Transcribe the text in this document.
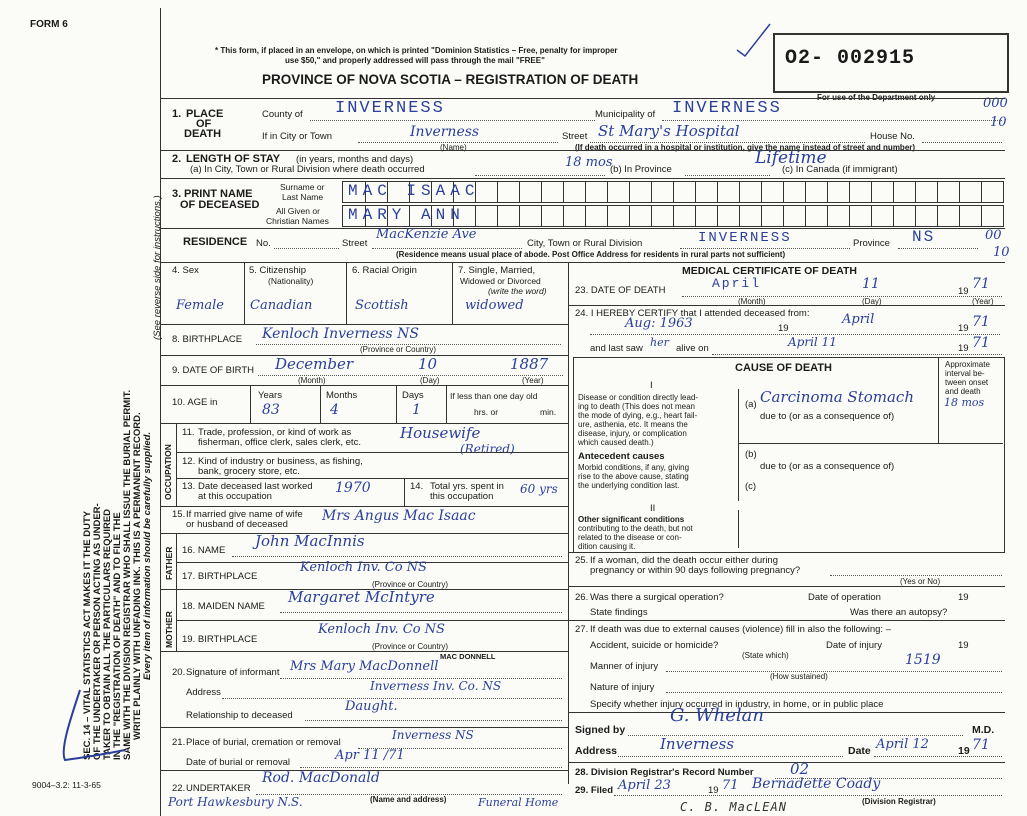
FORM 6
SEC. 14 – VITAL STATISTICS ACT MAKES IT THE DUTY OF THE UNDERTAKER OR PERSON ACTING AS UNDER- TAKER TO OBTAIN ALL THE PARTICULARS REQUIRED IN THE "REGISTRATION OF DEATH" AND TO FILE THE SAME WITH THE DIVISION REGISTRAR WHO SHALL ISSUE THE BURIAL PERMIT. WRITE PLAINLY WITH UNFADING INK. THIS IS A PERMANENT RECORD. Every item of information should be carefully supplied.
(See reverse side for instructions.)
9004–3.2: 11-3-65
* This form, if placed in an envelope, on which is printed "Dominion Statistics – Free, penalty for improper
use $50," and properly addressed will pass through the mail "FREE"
PROVINCE OF NOVA SCOTIA – REGISTRATION OF DEATH
O2- 002915
For use of the Department only	000
10
00
10
1. PLACE
OF
DEATH
County of INVERNESS	Municipality of INVERNESS
If in City or Town	Inverness
(Name)
Street St Mary's Hospital	House No.
(If death occurred in a hospital or institution, give the name instead of street and number)
2. LENGTH OF STAY (in years, months and days)
(a) In City, Town or Rural Division where death occurred	18 mos
(b) In Province	(c) In Canada (if immigrant)
Lifetime
3. PRINT NAME
OF DECEASED
Surname or
Last Name
All Given or
Christian Names
MAC ISAAC
MARY ANN
RESIDENCE No.	Street
MacKenzie Ave
City, Town or Rural Division	INVERNESS	Province NS
(Residence means usual place of abode. Post Office Address for residents in rural parts not sufficient)
4. Sex
Female
5. Citizenship
(Nationality)
Canadian
6. Racial Origin
Scottish
7. Single, Married,
Widowed or Divorced
(write the word)
widowed
8. BIRTHPLACE Kenloch Inverness NS
(Province or Country)
9. DATE OF BIRTH December	10	1887
(Month)	(Day)	(Year)
10. AGE in
Years
83
Months
4
Days
1
If less than one day old
hrs. or	min.
OCCUPATION
11. Trade, profession, or kind of work as
fisherman, office clerk, sales clerk, etc.
Housewife
(Retired)
12. Kind of industry or business, as fishing,
bank, grocery store, etc.
13. Date deceased last worked
at this occupation
1970	14. Total yrs. spent in
this occupation
60 yrs
15. If married give name of wife
or husband of deceased
Mrs Angus Mac Isaac
FATHER 16. NAME
John MacInnis
17. BIRTHPLACE
Kenloch Inv. Co NS
(Province or Country)
MOTHER
18. MAIDEN NAME
Margaret McIntyre
19. BIRTHPLACE
Kenloch Inv. Co NS
(Province or Country)
MAC DONNELL
20. Signature of informant Mrs Mary MacDonnell
Address	Inverness Inv. Co. NS
Relationship to deceased
Daught.
21. Place of burial, cremation or removal
Inverness NS
Date of burial or removal	Apr 11 /71
22. UNDERTAKER
Rod. MacDonald
(Name and address)
Port Hawkesbury N.S.	Funeral Home
MEDICAL CERTIFICATE OF DEATH
23. DATE OF DEATH	April	11	19 71
(Month)	(Day)	(Year)
24. I HEREBY CERTIFY that I attended deceased from:
Aug: 1963	19
April
19 71
and last saw her alive on	April 11	19 71
CAUSE OF DEATH	Approximate
interval be-
tween onset
and death
I
Disease or condition directly lead-
ing to death (This does not mean
the mode of dying, e.g., heart fail-
ure, asthenia, etc. It means the
disease, injury, or complication
which caused death.)
(a) Carcinoma Stomach	18 mos
due to (or as a consequence of)
Antecedent causes
Morbid conditions, if any, giving
rise to the above cause, stating
the underlying condition last.
(b)
due to (or as a consequence of)
(c)
II
Other significant conditions
contributing to the death, but not
related to the disease or con-
dition causing it.
25. If a woman, did the death occur either during
pregnancy or within 90 days following pregnancy?
(Yes or No)
26. Was there a surgical operation?	Date of operation	19
State findings	Was there an autopsy?
27. If death was due to external causes (violence) fill in also the following: –
Accident, suicide or homicide?	Date of injury	19
(State which)
Manner of injury	1519
(How sustained)
Nature of injury
Specify whether injury occurred in industry, in home, or in public place
Signed by
G. Whelan
M.D.
Address	Inverness	Date April 12	19 71
28. Division Registrar's Record Number 02
29. Filed April 23	19 71 Bernadette Coady
(Division Registrar)
C. B. MacLEAN
